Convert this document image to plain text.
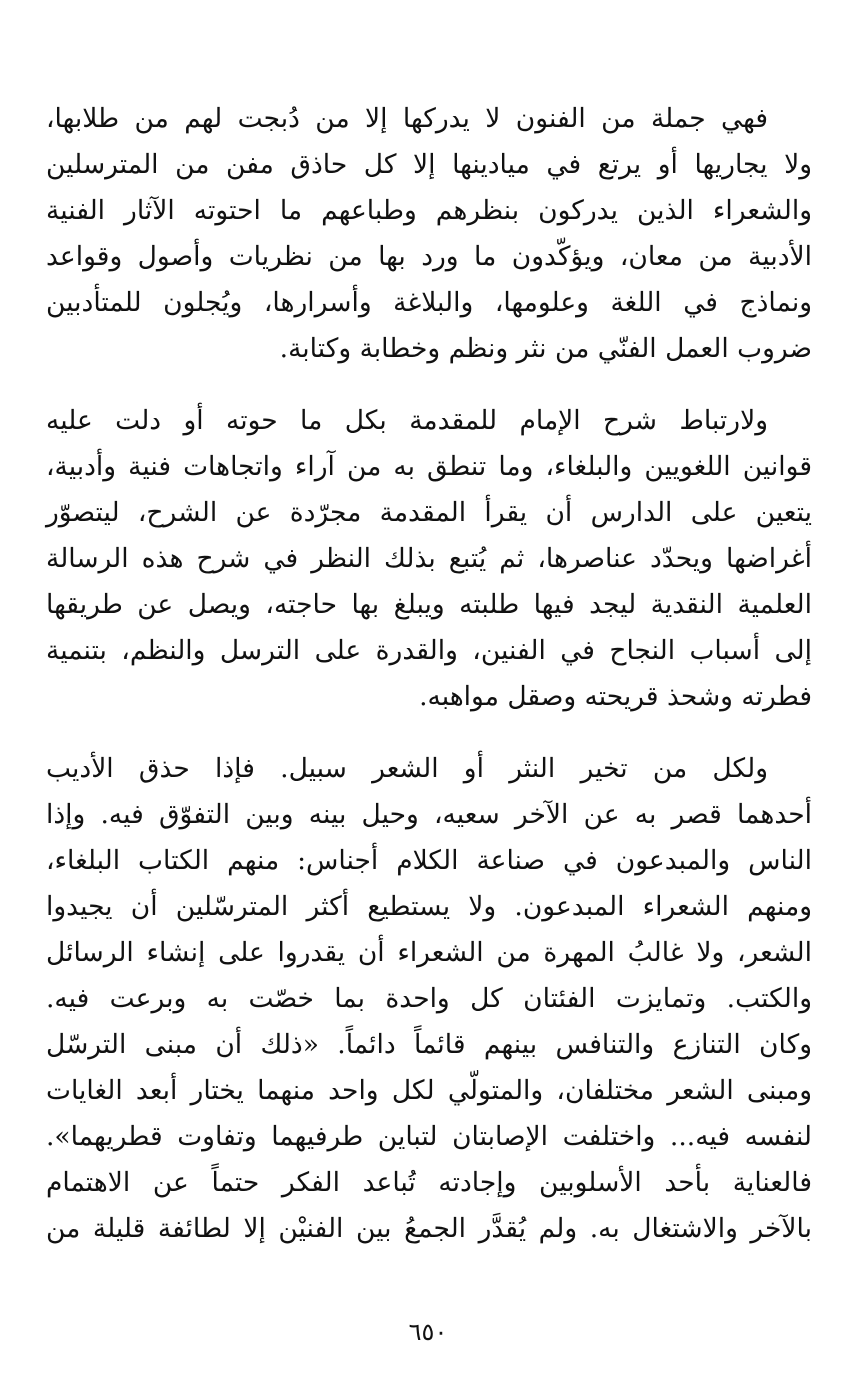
فهي جملة من الفنون لا يدركها إلا من دُبجت لهم من طلابها،
ولا يجاريها أو يرتع في ميادينها إلا كل حاذق مفن من المترسلين
والشعراء الذين يدركون بنظرهم وطباعهم ما احتوته الآثار الفنية
الأدبية من معان، ويؤكّدون ما ورد بها من نظريات وأصول وقواعد
ونماذج في اللغة وعلومها، والبلاغة وأسرارها، ويُجلون للمتأدبين
ضروب العمل الفنّي من نثر ونظم وخطابة وكتابة.

ولارتباط شرح الإمام للمقدمة بكل ما حوته أو دلت عليه
قوانين اللغويين والبلغاء، وما تنطق به من آراء واتجاهات فنية وأدبية،
يتعين على الدارس أن يقرأ المقدمة مجرّدة عن الشرح، ليتصوّر
أغراضها ويحدّد عناصرها، ثم يُتبع بذلك النظر في شرح هذه الرسالة
العلمية النقدية ليجد فيها طلبته ويبلغ بها حاجته، ويصل عن طريقها
إلى أسباب النجاح في الفنين، والقدرة على الترسل والنظم، بتنمية
فطرته وشحذ قريحته وصقل مواهبه.

ولكل من تخير النثر أو الشعر سبيل. فإذا حذق الأديب
أحدهما قصر به عن الآخر سعيه، وحيل بينه وبين التفوّق فيه. وإذا
الناس والمبدعون في صناعة الكلام أجناس: منهم الكتاب البلغاء،
ومنهم الشعراء المبدعون. ولا يستطيع أكثر المترسّلين أن يجيدوا
الشعر، ولا غالبُ المهرة من الشعراء أن يقدروا على إنشاء الرسائل
والكتب. وتمايزت الفئتان كل واحدة بما خصّت به وبرعت فيه.
وكان التنازع والتنافس بينهم قائماً دائماً. «ذلك أن مبنى الترسّل
ومبنى الشعر مختلفان، والمتولّي لكل واحد منهما يختار أبعد الغايات
لنفسه فيه... واختلفت الإصابتان لتباين طرفيهما وتفاوت قطريهما».
فالعناية بأحد الأسلوبين وإجادته تُباعد الفكر حتماً عن الاهتمام
بالآخر والاشتغال به. ولم يُقدَّر الجمعُ بين الفنيْن إلا لطائفة قليلة من

٦٥٠
